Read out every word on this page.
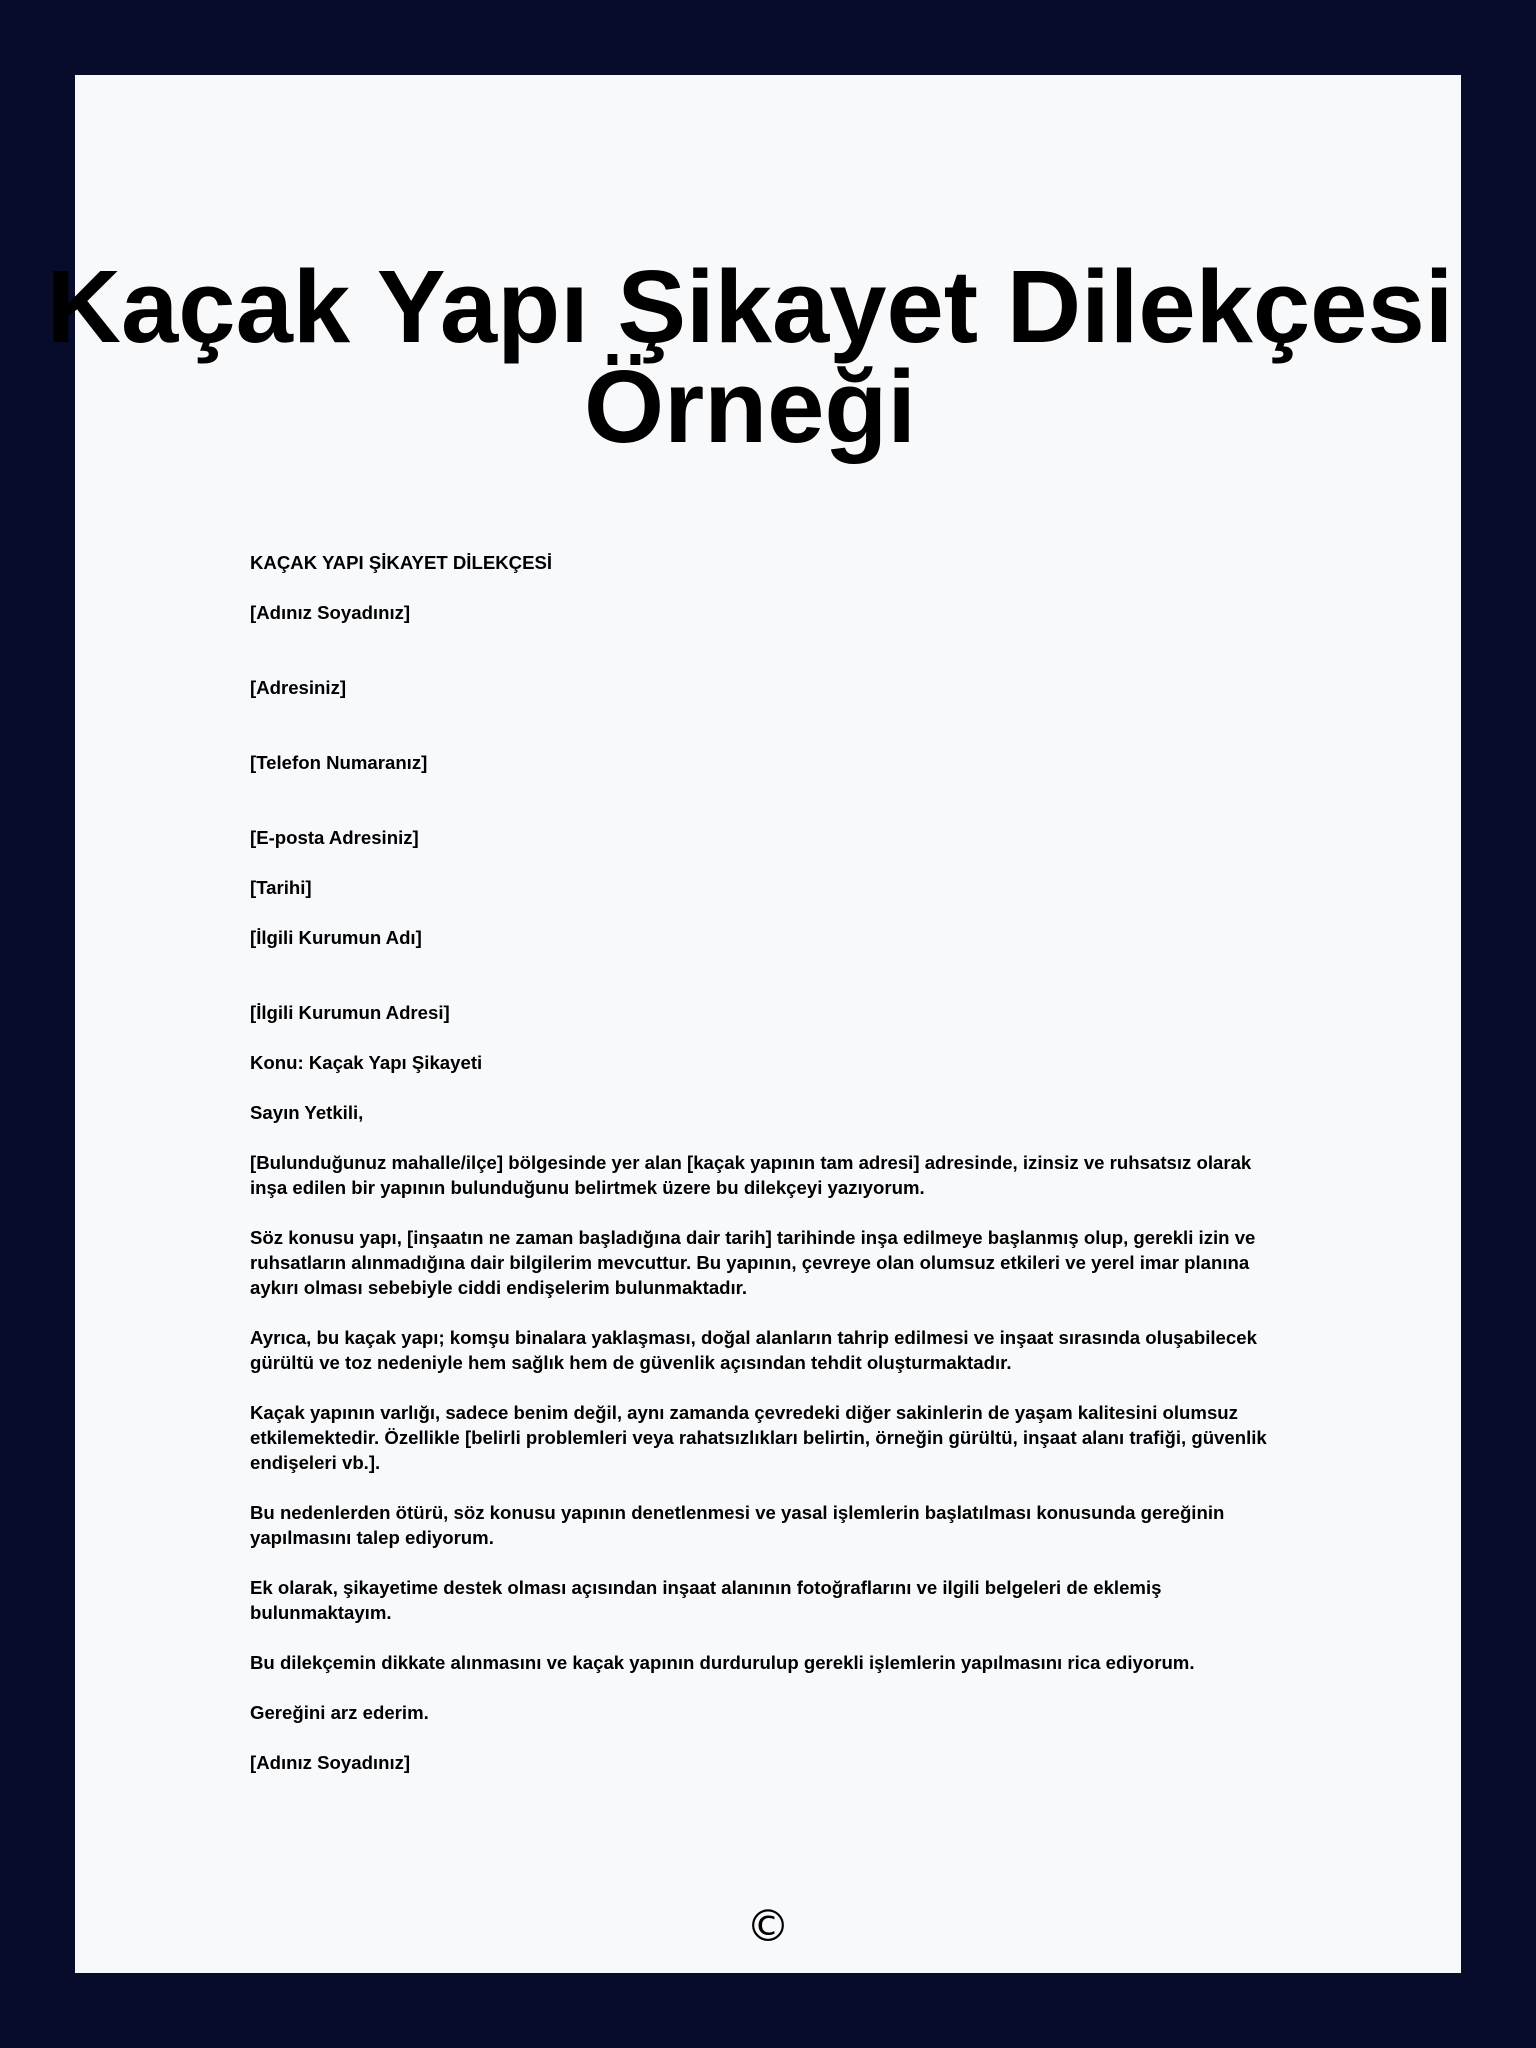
Kaçak Yapı Şikayet Dilekçesi
Örneği

KAÇAK YAPI ŞİKAYET DİLEKÇESİ

[Adınız Soyadınız]

[Adresiniz]

[Telefon Numaranız]

[E-posta Adresiniz]

[Tarihi]

[İlgili Kurumun Adı]

[İlgili Kurumun Adresi]

Konu: Kaçak Yapı Şikayeti

Sayın Yetkili,

[Bulunduğunuz mahalle/ilçe] bölgesinde yer alan [kaçak yapının tam adresi] adresinde, izinsiz ve ruhsatsız olarak inşa edilen bir yapının bulunduğunu belirtmek üzere bu dilekçeyi yazıyorum.

Söz konusu yapı, [inşaatın ne zaman başladığına dair tarih] tarihinde inşa edilmeye başlanmış olup, gerekli izin ve ruhsatların alınmadığına dair bilgilerim mevcuttur. Bu yapının, çevreye olan olumsuz etkileri ve yerel imar planına aykırı olması sebebiyle ciddi endişelerim bulunmaktadır.

Ayrıca, bu kaçak yapı; komşu binalara yaklaşması, doğal alanların tahrip edilmesi ve inşaat sırasında oluşabilecek gürültü ve toz nedeniyle hem sağlık hem de güvenlik açısından tehdit oluşturmaktadır.

Kaçak yapının varlığı, sadece benim değil, aynı zamanda çevredeki diğer sakinlerin de yaşam kalitesini olumsuz etkilemektedir. Özellikle [belirli problemleri veya rahatsızlıkları belirtin, örneğin gürültü, inşaat alanı trafiği, güvenlik endişeleri vb.].

Bu nedenlerden ötürü, söz konusu yapının denetlenmesi ve yasal işlemlerin başlatılması konusunda gereğinin yapılmasını talep ediyorum.

Ek olarak, şikayetime destek olması açısından inşaat alanının fotoğraflarını ve ilgili belgeleri de eklemiş bulunmaktayım.

Bu dilekçemin dikkate alınmasını ve kaçak yapının durdurulup gerekli işlemlerin yapılmasını rica ediyorum.

Gereğini arz ederim.

[Adınız Soyadınız]

©
